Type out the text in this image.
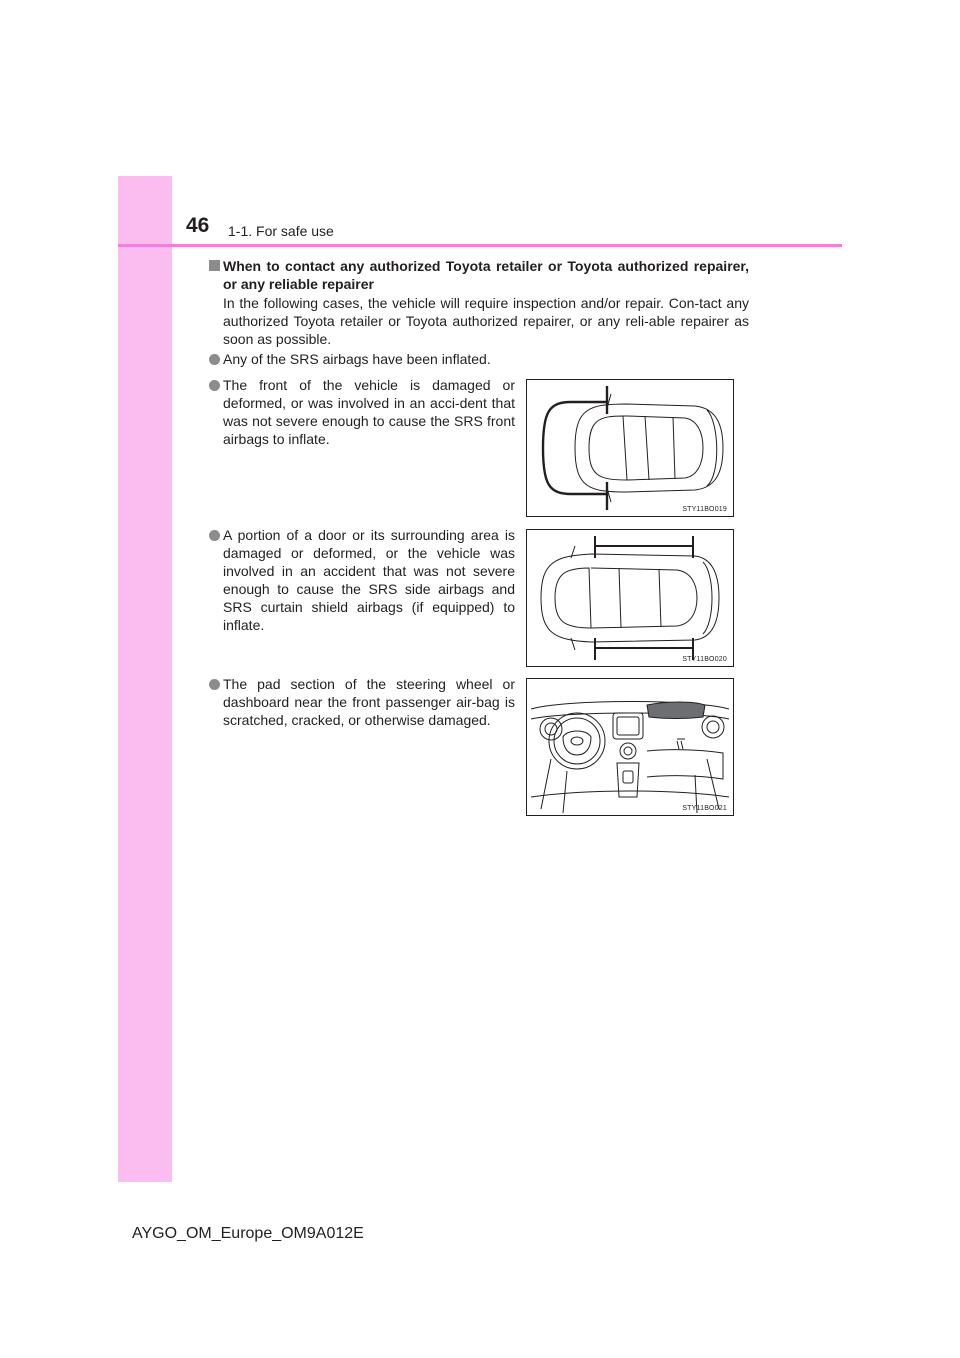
46 1-1. For safe use
When to contact any authorized Toyota retailer or Toyota authorized repairer, or any reliable repairer
In the following cases, the vehicle will require inspection and/or repair. Con-tact any authorized Toyota retailer or Toyota authorized repairer, or any reli-able repairer as soon as possible.
Any of the SRS airbags have been inflated.
The front of the vehicle is damaged or deformed, or was involved in an acci-dent that was not severe enough to cause the SRS front airbags to inflate.
A portion of a door or its surrounding area is damaged or deformed, or the vehicle was involved in an accident that was not severe enough to cause the SRS side airbags and SRS curtain shield airbags (if equipped) to inflate.
The pad section of the steering wheel or dashboard near the front passenger air-bag is scratched, cracked, or otherwise damaged.
STY11BO019
STY11BO020
STY11BO021
AYGO_OM_Europe_OM9A012E
